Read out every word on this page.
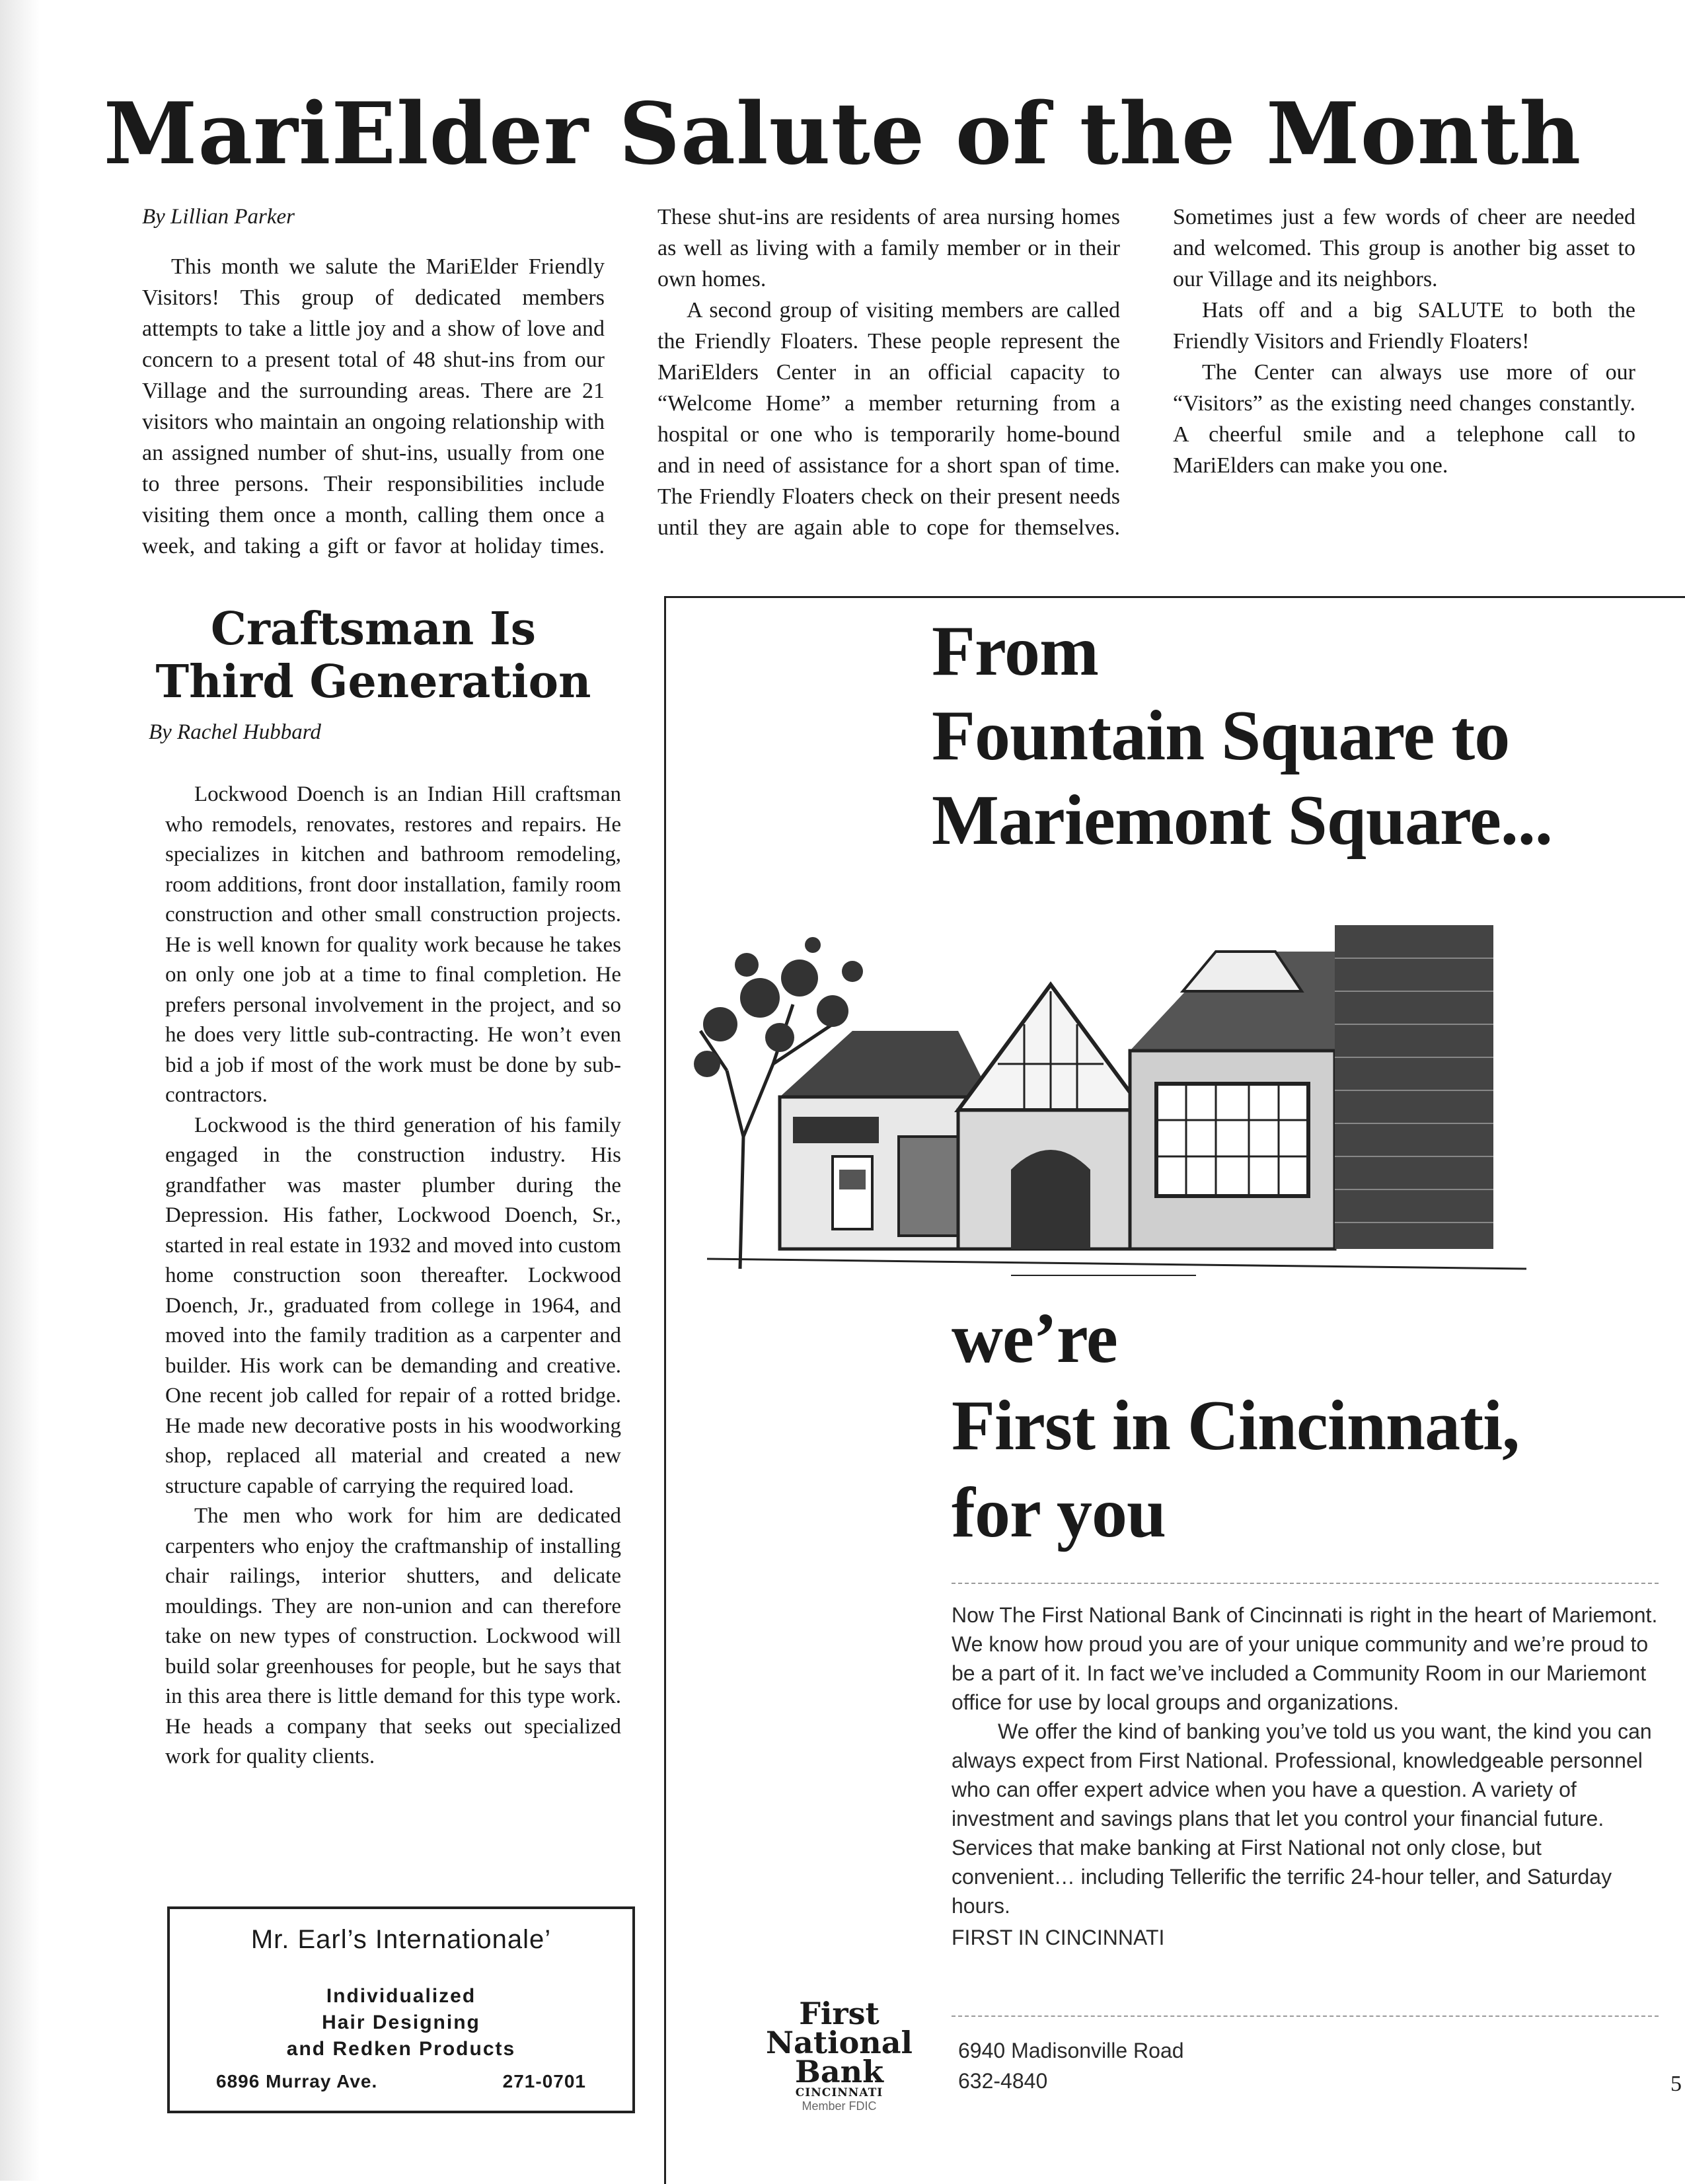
MariElder Salute of the Month

By Lillian Parker

This month we salute the MariElder Friendly Visitors! This group of dedicated members attempts to take a little joy and a show of love and concern to a present total of 48 shut-ins from our Village and the surrounding areas. There are 21 visitors who maintain an ongoing relationship with an assigned number of shut-ins, usually from one to three persons. Their responsibilities include visiting them once a month, calling them once a week, and taking a gift or favor at holiday times. These shut-ins are residents of area nursing homes as well as living with a family member or in their own homes.

A second group of visiting members are called the Friendly Floaters. These people represent the MariElders Center in an official capacity to “Welcome Home” a member returning from a hospital or one who is temporarily home-bound and in need of assistance for a short span of time. The Friendly Floaters check on their present needs until they are again able to cope for themselves. Sometimes just a few words of cheer are needed and welcomed. This group is another big asset to our Village and its neighbors.

Hats off and a big SALUTE to both the Friendly Visitors and Friendly Floaters!

The Center can always use more of our “Visitors” as the existing need changes constantly. A cheerful smile and a telephone call to MariElders can make you one.

Craftsman Is
Third Generation

By Rachel Hubbard

Lockwood Doench is an Indian Hill craftsman who remodels, renovates, restores and repairs. He specializes in kitchen and bathroom remodeling, room additions, front door installation, family room construction and other small construction projects. He is well known for quality work because he takes on only one job at a time to final completion. He prefers personal involvement in the project, and so he does very little sub-contracting. He won’t even bid a job if most of the work must be done by sub-contractors.

Lockwood is the third generation of his family engaged in the construction industry. His grandfather was master plumber during the Depression. His father, Lockwood Doench, Sr., started in real estate in 1932 and moved into custom home construction soon thereafter. Lockwood Doench, Jr., graduated from college in 1964, and moved into the family tradition as a carpenter and builder. His work can be demanding and creative. One recent job called for repair of a rotted bridge. He made new decorative posts in his woodworking shop, replaced all material and created a new structure capable of carrying the required load.

The men who work for him are dedicated carpenters who enjoy the craftmanship of installing chair railings, interior shutters, and delicate mouldings. They are non-union and can therefore take on new types of construction. Lockwood will build solar greenhouses for people, but he says that in this area there is little demand for this type work. He heads a company that seeks out specialized work for quality clients.

Mr. Earl’s Internationale’
Individualized
Hair Designing
and Redken Products
6896 Murray Ave.	271-0701
From
Fountain Square to
Mariemont Square...
we’re
First in Cincinnati,
for you

Now The First National Bank of Cincinnati is right in the heart of Mariemont. We know how proud you are of your unique community and we’re proud to be a part of it. In fact we’ve included a Community Room in our Mariemont office for use by local groups and organizations.

We offer the kind of banking you’ve told us you want, the kind you can always expect from First National. Professional, knowledgeable personnel who can offer expert advice when you have a question. A variety of investment and savings plans that let you control your financial future. Services that make banking at First National not only close, but convenient… including Tellerific the terrific 24-hour teller, and Saturday hours.

FIRST IN CINCINNATI

6940 Madisonville Road
632-4840
First
National
Bank
CINCINNATI
Member FDIC
5
